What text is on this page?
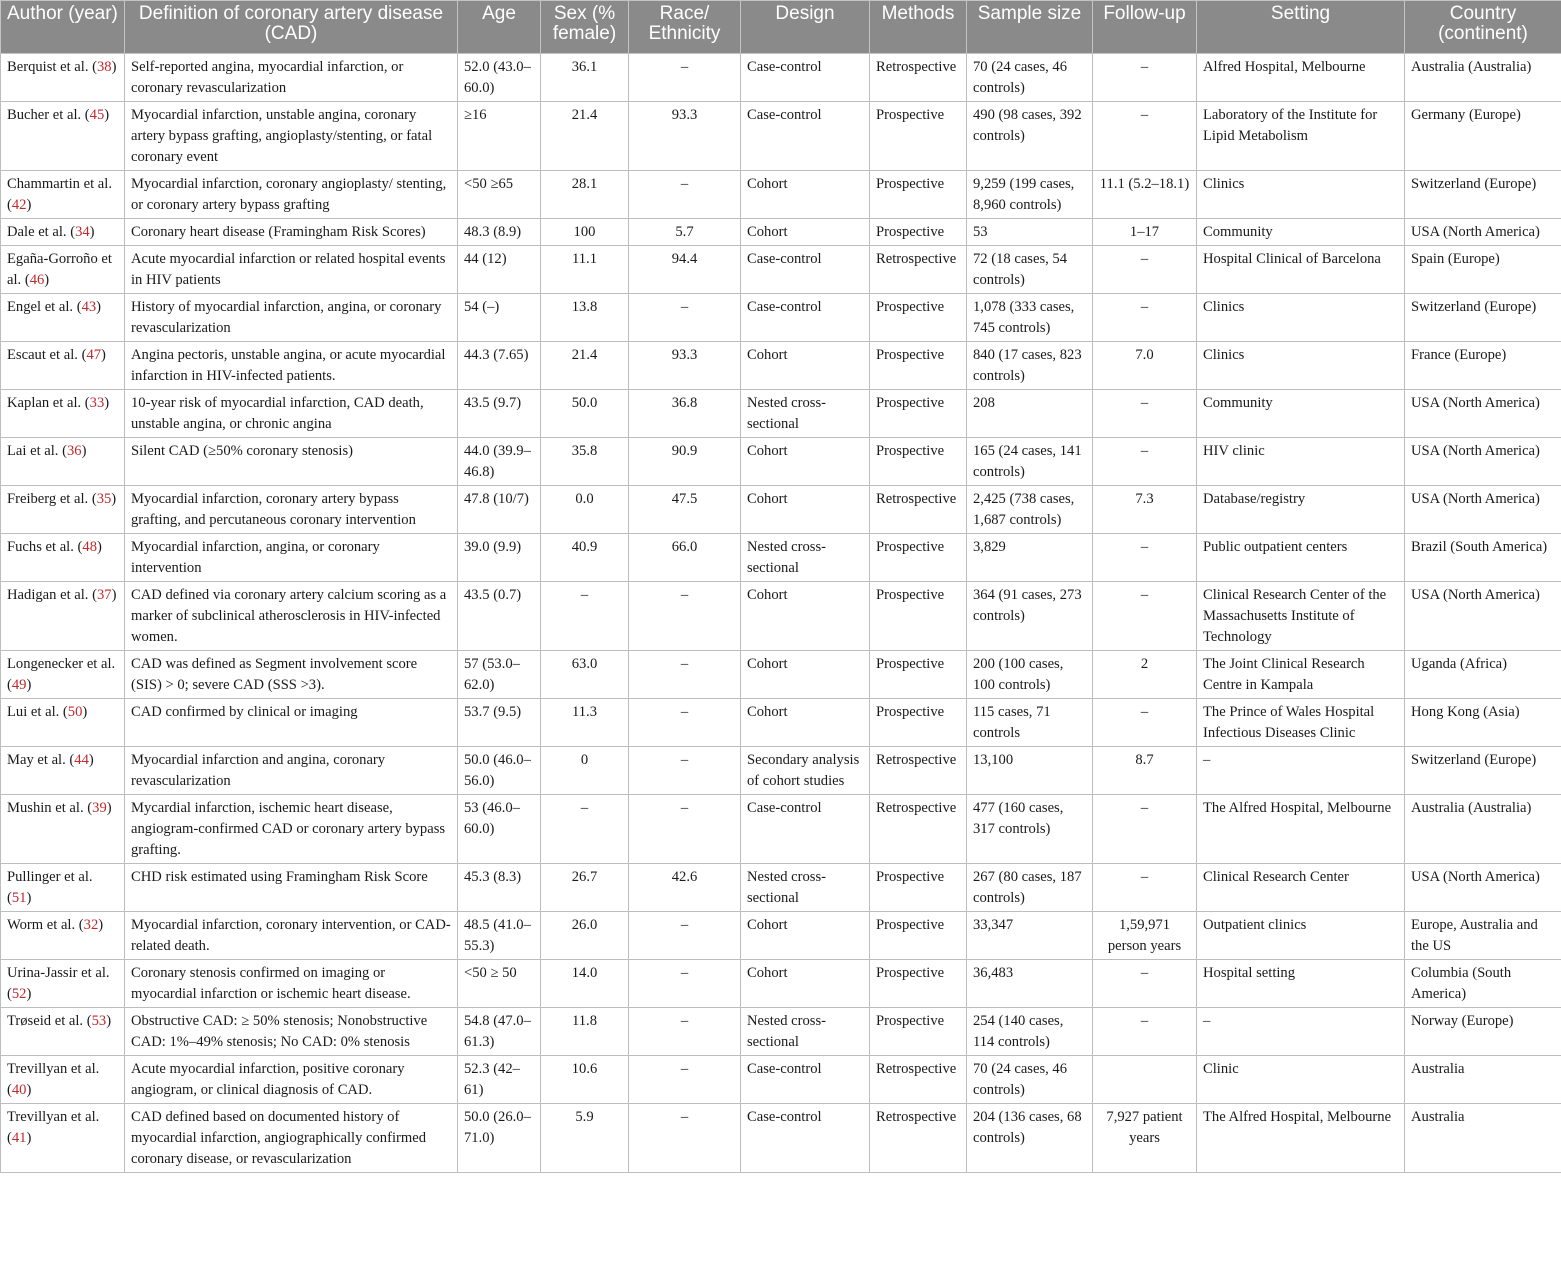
Author (year)	Definition of coronary artery disease (CAD)	Age	Sex (% female)	Race/ Ethnicity	Design	Methods	Sample size	Follow-up	Setting	Country (continent)
Berquist et al. (38)	Self-reported angina, myocardial infarction, or coronary revascularization	52.0 (43.0–60.0)	36.1	–	Case-control	Retrospective	70 (24 cases, 46 controls)	–	Alfred Hospital, Melbourne	Australia (Australia)
Bucher et al. (45)	Myocardial infarction, unstable angina, coronary artery bypass grafting, angioplasty/stenting, or fatal coronary event	≥16	21.4	93.3	Case-control	Prospective	490 (98 cases, 392 controls)	–	Laboratory of the Institute for Lipid Metabolism	Germany (Europe)
Chammartin et al. (42)	Myocardial infarction, coronary angioplasty/ stenting, or coronary artery bypass grafting	<50 ≥65	28.1	–	Cohort	Prospective	9,259 (199 cases, 8,960 controls)	11.1 (5.2–18.1)	Clinics	Switzerland (Europe)
Dale et al. (34)	Coronary heart disease (Framingham Risk Scores)	48.3 (8.9)	100	5.7	Cohort	Prospective	53	1–17	Community	USA (North America)
Egaña-Gorroño et al. (46)	Acute myocardial infarction or related hospital events in HIV patients	44 (12)	11.1	94.4	Case-control	Retrospective	72 (18 cases, 54 controls)	–	Hospital Clinical of Barcelona	Spain (Europe)
Engel et al. (43)	History of myocardial infarction, angina, or coronary revascularization	54 (–)	13.8	–	Case-control	Prospective	1,078 (333 cases, 745 controls)	–	Clinics	Switzerland (Europe)
Escaut et al. (47)	Angina pectoris, unstable angina, or acute myocardial infarction in HIV-infected patients.	44.3 (7.65)	21.4	93.3	Cohort	Prospective	840 (17 cases, 823 controls)	7.0	Clinics	France (Europe)
Kaplan et al. (33)	10-year risk of myocardial infarction, CAD death, unstable angina, or chronic angina	43.5 (9.7)	50.0	36.8	Nested cross-sectional	Prospective	208	–	Community	USA (North America)
Lai et al. (36)	Silent CAD (≥50% coronary stenosis)	44.0 (39.9–46.8)	35.8	90.9	Cohort	Prospective	165 (24 cases, 141 controls)	–	HIV clinic	USA (North America)
Freiberg et al. (35)	Myocardial infarction, coronary artery bypass grafting, and percutaneous coronary intervention	47.8 (10/7)	0.0	47.5	Cohort	Retrospective	2,425 (738 cases, 1,687 controls)	7.3	Database/registry	USA (North America)
Fuchs et al. (48)	Myocardial infarction, angina, or coronary intervention	39.0 (9.9)	40.9	66.0	Nested cross-sectional	Prospective	3,829	–	Public outpatient centers	Brazil (South America)
Hadigan et al. (37)	CAD defined via coronary artery calcium scoring as a marker of subclinical atherosclerosis in HIV-infected women.	43.5 (0.7)	–	–	Cohort	Prospective	364 (91 cases, 273 controls)	–	Clinical Research Center of the Massachusetts Institute of Technology	USA (North America)
Longenecker et al. (49)	CAD was defined as Segment involvement score (SIS) > 0; severe CAD (SSS >3).	57 (53.0–62.0)	63.0	–	Cohort	Prospective	200 (100 cases, 100 controls)	2	The Joint Clinical Research Centre in Kampala	Uganda (Africa)
Lui et al. (50)	CAD confirmed by clinical or imaging	53.7 (9.5)	11.3	–	Cohort	Prospective	115 cases, 71 controls	–	The Prince of Wales Hospital Infectious Diseases Clinic	Hong Kong (Asia)
May et al. (44)	Myocardial infarction and angina, coronary revascularization	50.0 (46.0–56.0)	0	–	Secondary analysis of cohort studies	Retrospective	13,100	8.7	–	Switzerland (Europe)
Mushin et al. (39)	Mycardial infarction, ischemic heart disease, angiogram-confirmed CAD or coronary artery bypass grafting.	53 (46.0–60.0)	–	–	Case-control	Retrospective	477 (160 cases, 317 controls)	–	The Alfred Hospital, Melbourne	Australia (Australia)
Pullinger et al. (51)	CHD risk estimated using Framingham Risk Score	45.3 (8.3)	26.7	42.6	Nested cross-sectional	Prospective	267 (80 cases, 187 controls)	–	Clinical Research Center	USA (North America)
Worm et al. (32)	Myocardial infarction, coronary intervention, or CAD-related death.	48.5 (41.0–55.3)	26.0	–	Cohort	Prospective	33,347	1,59,971 person years	Outpatient clinics	Europe, Australia and the US
Urina-Jassir et al. (52)	Coronary stenosis confirmed on imaging or myocardial infarction or ischemic heart disease.	<50 ≥ 50	14.0	–	Cohort	Prospective	36,483	–	Hospital setting	Columbia (South America)
Trøseid et al. (53)	Obstructive CAD: ≥ 50% stenosis; Nonobstructive CAD: 1%–49% stenosis; No CAD: 0% stenosis	54.8 (47.0–61.3)	11.8	–	Nested cross-sectional	Prospective	254 (140 cases, 114 controls)	–	–	Norway (Europe)
Trevillyan et al. (40)	Acute myocardial infarction, positive coronary angiogram, or clinical diagnosis of CAD.	52.3 (42–61)	10.6	–	Case-control	Retrospective	70 (24 cases, 46 controls)		Clinic	Australia
Trevillyan et al. (41)	CAD defined based on documented history of myocardial infarction, angiographically confirmed coronary disease, or revascularization	50.0 (26.0–71.0)	5.9	–	Case-control	Retrospective	204 (136 cases, 68 controls)	7,927 patient years	The Alfred Hospital, Melbourne	Australia
